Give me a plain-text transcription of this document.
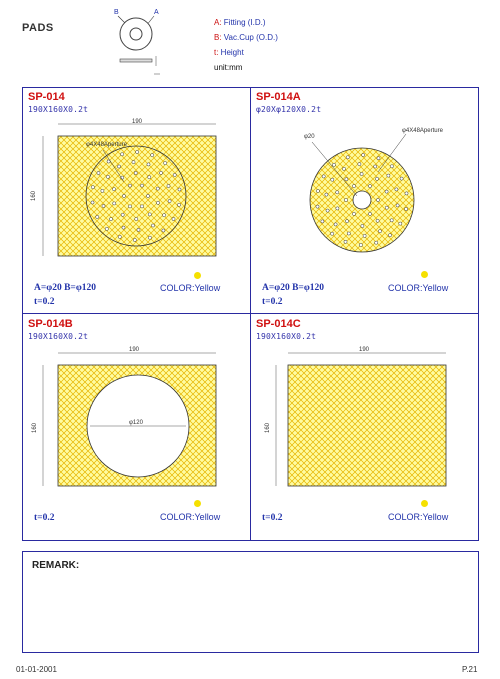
PADS
B	A
A: Fitting (I.D.)
B: Vac.Cup (O.D.)
t: Height
unit:mm
SP-014
190X160X0.2t
190
160
φ4X48Aperture
A=φ20 B=φ120
t=0.2
COLOR:Yellow
SP-014A
φ20Xφ120X0.2t
φ20
φ4X48Aperture
A=φ20 B=φ120
t=0.2
COLOR:Yellow
SP-014B
190X160X0.2t
190
160	φ120
t=0.2	COLOR:Yellow
SP-014C
190X160X0.2t
190
160
t=0.2	COLOR:Yellow
REMARK:
01-01-2001	P.21
